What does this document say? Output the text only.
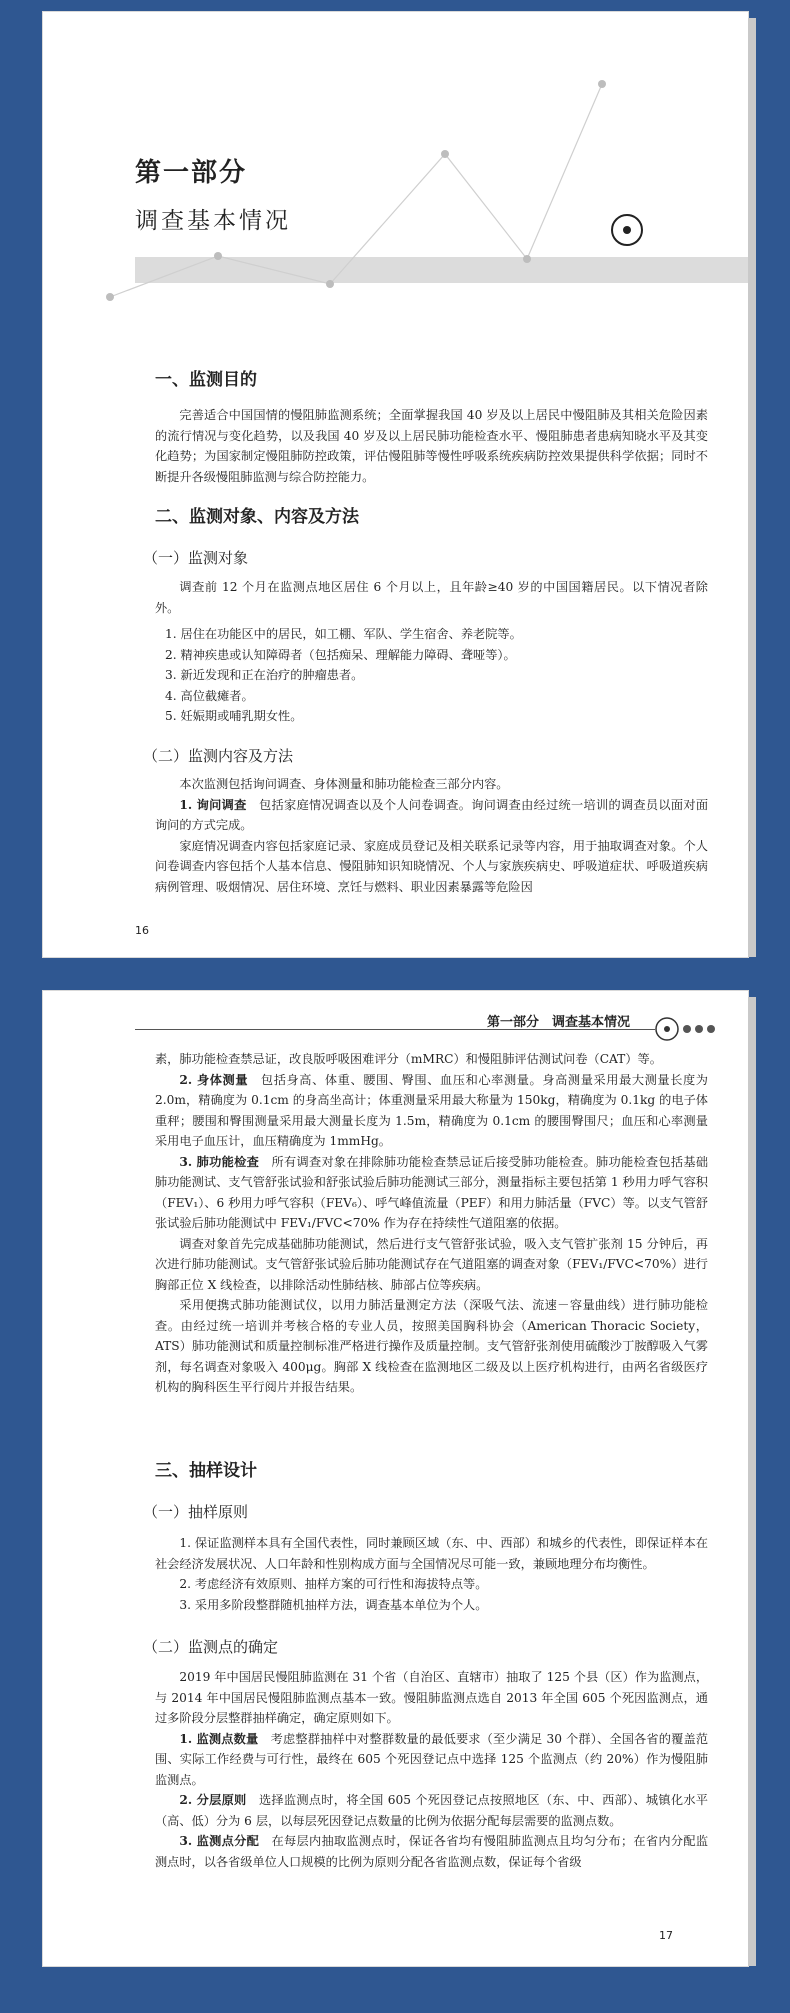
第一部分
调查基本情况
一、监测目的

完善适合中国国情的慢阻肺监测系统；全面掌握我国 40 岁及以上居民中慢阻肺及其相关危险因素的流行情况与变化趋势，以及我国 40 岁及以上居民肺功能检查水平、慢阻肺患者患病知晓水平及其变化趋势；为国家制定慢阻肺防控政策，评估慢阻肺等慢性呼吸系统疾病防控效果提供科学依据；同时不断提升各级慢阻肺监测与综合防控能力。

二、监测对象、内容及方法
（一）监测对象

调查前 12 个月在监测点地区居住 6 个月以上，且年龄≥40 岁的中国国籍居民。以下情况者除外。

1. 居住在功能区中的居民，如工棚、军队、学生宿舍、养老院等。
2. 精神疾患或认知障碍者（包括痴呆、理解能力障碍、聋哑等）。
3. 新近发现和正在治疗的肿瘤患者。
4. 高位截瘫者。
5. 妊娠期或哺乳期女性。
（二）监测内容及方法

本次监测包括询问调查、身体测量和肺功能检查三部分内容。

1. 询问调查　包括家庭情况调查以及个人问卷调查。询问调查由经过统一培训的调查员以面对面询问的方式完成。

家庭情况调查内容包括家庭记录、家庭成员登记及相关联系记录等内容，用于抽取调查对象。个人问卷调查内容包括个人基本信息、慢阻肺知识知晓情况、个人与家族疾病史、呼吸道症状、呼吸道疾病病例管理、吸烟情况、居住环境、烹饪与燃料、职业因素暴露等危险因

16
第一部分　调查基本情况

素，肺功能检查禁忌证，改良版呼吸困难评分（mMRC）和慢阻肺评估测试问卷（CAT）等。

2. 身体测量　包括身高、体重、腰围、臀围、血压和心率测量。身高测量采用最大测量长度为 2.0m，精确度为 0.1cm 的身高坐高计；体重测量采用最大称量为 150kg，精确度为 0.1kg 的电子体重秤；腰围和臀围测量采用最大测量长度为 1.5m，精确度为 0.1cm 的腰围臀围尺；血压和心率测量采用电子血压计，血压精确度为 1mmHg。

3. 肺功能检查　所有调查对象在排除肺功能检查禁忌证后接受肺功能检查。肺功能检查包括基础肺功能测试、支气管舒张试验和舒张试验后肺功能测试三部分，测量指标主要包括第 1 秒用力呼气容积（FEV₁）、6 秒用力呼气容积（FEV₆）、呼气峰值流量（PEF）和用力肺活量（FVC）等。以支气管舒张试验后肺功能测试中 FEV₁/FVC<70% 作为存在持续性气道阻塞的依据。

调查对象首先完成基础肺功能测试，然后进行支气管舒张试验，吸入支气管扩张剂 15 分钟后，再次进行肺功能测试。支气管舒张试验后肺功能测试存在气道阻塞的调查对象（FEV₁/FVC<70%）进行胸部正位 X 线检查，以排除活动性肺结核、肺部占位等疾病。

采用便携式肺功能测试仪，以用力肺活量测定方法（深吸气法、流速－容量曲线）进行肺功能检查。由经过统一培训并考核合格的专业人员，按照美国胸科协会（American Thoracic Society，ATS）肺功能测试和质量控制标准严格进行操作及质量控制。支气管舒张剂使用硫酸沙丁胺醇吸入气雾剂，每名调查对象吸入 400μg。胸部 X 线检查在监测地区二级及以上医疗机构进行，由两名省级医疗机构的胸科医生平行阅片并报告结果。

三、抽样设计
（一）抽样原则

1. 保证监测样本具有全国代表性，同时兼顾区域（东、中、西部）和城乡的代表性，即保证样本在社会经济发展状况、人口年龄和性别构成方面与全国情况尽可能一致，兼顾地理分布均衡性。

2. 考虑经济有效原则、抽样方案的可行性和海拔特点等。

3. 采用多阶段整群随机抽样方法，调查基本单位为个人。

（二）监测点的确定

2019 年中国居民慢阻肺监测在 31 个省（自治区、直辖市）抽取了 125 个县（区）作为监测点，与 2014 年中国居民慢阻肺监测点基本一致。慢阻肺监测点选自 2013 年全国 605 个死因监测点，通过多阶段分层整群抽样确定，确定原则如下。

1. 监测点数量　考虑整群抽样中对整群数量的最低要求（至少满足 30 个群）、全国各省的覆盖范围、实际工作经费与可行性，最终在 605 个死因登记点中选择 125 个监测点（约 20%）作为慢阻肺监测点。

2. 分层原则　选择监测点时，将全国 605 个死因登记点按照地区（东、中、西部）、城镇化水平（高、低）分为 6 层，以每层死因登记点数量的比例为依据分配每层需要的监测点数。

3. 监测点分配　在每层内抽取监测点时，保证各省均有慢阻肺监测点且均匀分布；在省内分配监测点时，以各省级单位人口规模的比例为原则分配各省监测点数，保证每个省级

17
